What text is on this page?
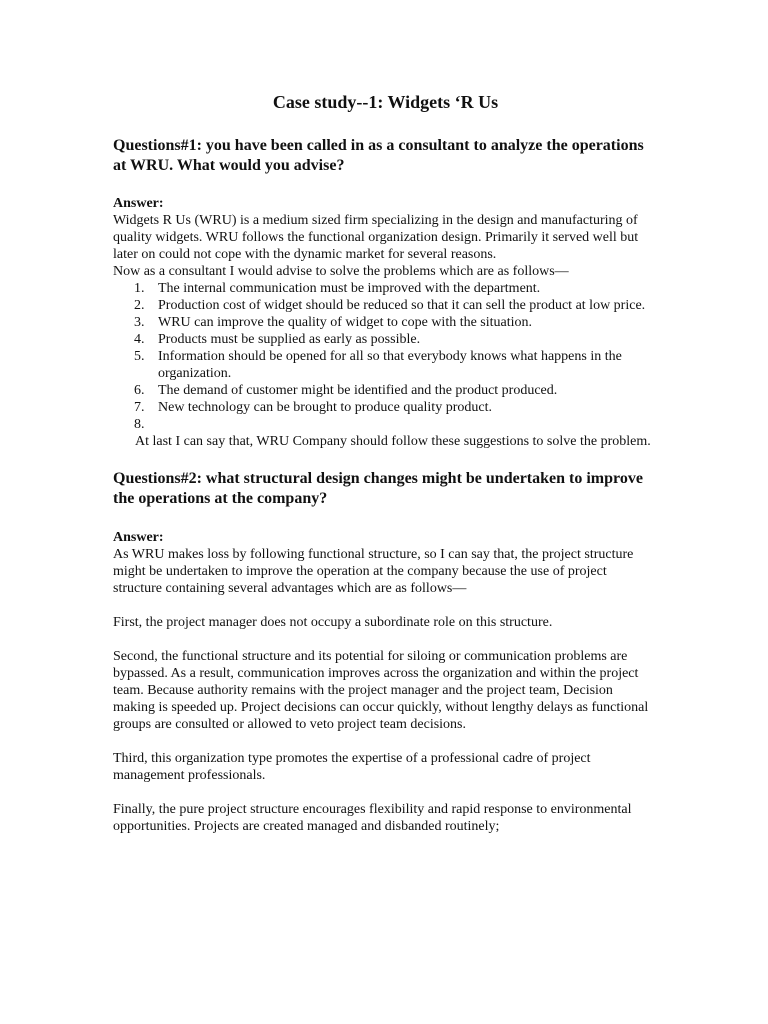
Case study--1: Widgets ‘R Us
Questions#1: you have been called in as a consultant to analyze the operations at WRU. What would you advise?
Answer:
Widgets R Us (WRU) is a medium sized firm specializing in the design and manufacturing of quality widgets. WRU follows the functional organization design. Primarily it served well but later on could not cope with the dynamic market for several reasons.
Now as a consultant I would advise to solve the problems which are as follows—
1. The internal communication must be improved with the department.
2. Production cost of widget should be reduced so that it can sell the product at low price.
3. WRU can improve the quality of widget to cope with the situation.
4. Products must be supplied as early as possible.
5. Information should be opened for all so that everybody knows what happens in the organization.
6. The demand of customer might be identified and the product produced.
7. New technology can be brought to produce quality product.
8.
At last I can say that, WRU Company should follow these suggestions to solve the problem.
Questions#2: what structural design changes might be undertaken to improve the operations at the company?
Answer:
As WRU makes loss by following functional structure, so I can say that, the project structure might be undertaken to improve the operation at the company because the use of project structure containing several advantages which are as follows—
First, the project manager does not occupy a subordinate role on this structure.
Second, the functional structure and its potential for siloing or communication problems are bypassed. As a result, communication improves across the organization and within the project team. Because authority remains with the project manager and the project team, Decision making is speeded up. Project decisions can occur quickly, without lengthy delays as functional groups are consulted or allowed to veto project team decisions.
Third, this organization type promotes the expertise of a professional cadre of project management professionals.
Finally, the pure project structure encourages flexibility and rapid response to environmental opportunities. Projects are created managed and disbanded routinely;
